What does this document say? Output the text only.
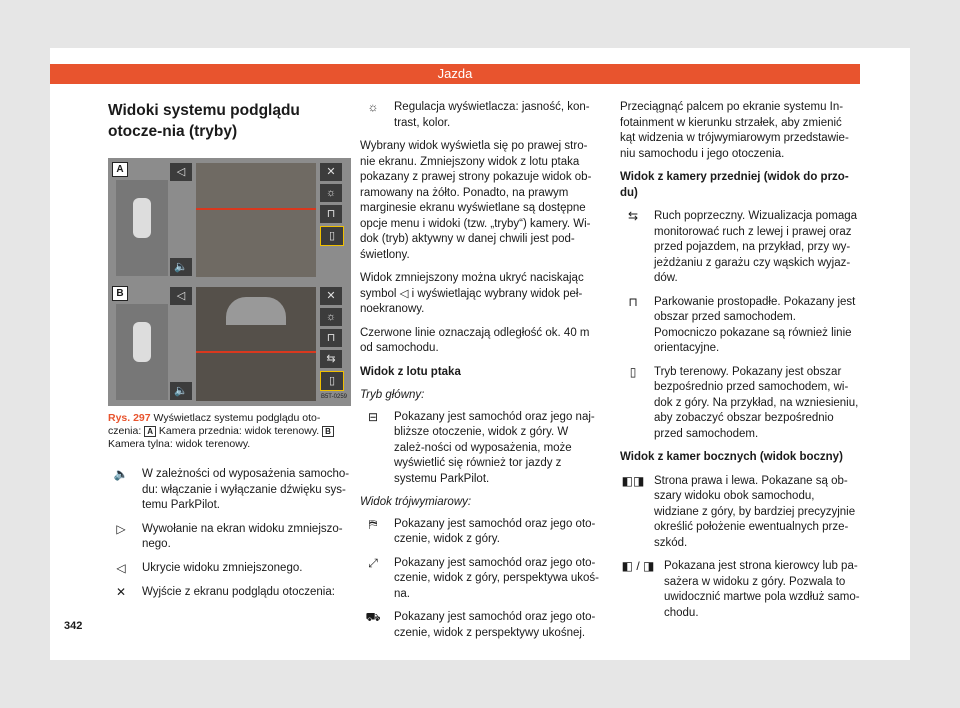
Jazda
Widoki systemu podglądu otocze-nia (tryby)
A	◁
🔈
✕
☼
⊓
▯
B	◁
🔈
✕
☼
⊓
⇆
▯
B5T-0259
Rys. 297 Wyświetlacz systemu podglądu oto-czenia: A Kamera przednia: widok terenowy. B Kamera tylna: widok terenowy.
🔈	W zależności od wyposażenia samocho-du: włączanie i wyłączanie dźwięku sys-temu ParkPilot.
▷	Wywołanie na ekran widoku zmniejszo-nego.
◁	Ukrycie widoku zmniejszonego.
✕	Wyjście z ekranu podglądu otoczenia:
☼	Regulacja wyświetlacza: jasność, kon-trast, kolor.

Wybrany widok wyświetla się po prawej stro-nie ekranu. Zmniejszony widok z lotu ptaka pokazany z prawej strony pokazuje widok ob-ramowany na żółto. Ponadto, na prawym marginesie ekranu wyświetlane są dostępne opcje menu i widoki (tzw. „tryby“) kamery. Wi-dok (tryb) aktywny w danej chwili jest pod-świetlony.

Widok zmniejszony można ukryć naciskając symbol ◁ i wyświetlając wybrany widok peł-noekranowy.

Czerwone linie oznaczają odległość ok. 40 m od samochodu.

Widok z lotu ptaka
Tryb główny:
⊟	Pokazany jest samochód oraz jego naj-bliższe otoczenie, widok z góry. W zależ-ności od wyposażenia, może wyświetlić się również tor jazdy z systemu ParkPilot.
Widok trójwymiarowy:
⛿	Pokazany jest samochód oraz jego oto-czenie, widok z góry.
⤢	Pokazany jest samochód oraz jego oto-czenie, widok z góry, perspektywa ukoś-na.
⛟	Pokazany jest samochód oraz jego oto-czenie, widok z perspektywy ukośnej.

Przeciągnąć palcem po ekranie systemu In-fotainment w kierunku strzałek, aby zmienić kąt widzenia w trójwymiarowym przedstawie-niu samochodu i jego otoczenia.

Widok z kamery przedniej (widok do przo-du)
⇆	Ruch poprzeczny. Wizualizacja pomaga monitorować ruch z lewej i prawej oraz przed pojazdem, na przykład, przy wy-jeżdżaniu z garażu czy wąskich wyjaz-dów.
⊓	Parkowanie prostopadłe. Pokazany jest obszar przed samochodem. Pomocniczo pokazane są również linie orientacyjne.
▯	Tryb terenowy. Pokazany jest obszar bezpośrednio przed samochodem, wi-dok z góry. Na przykład, na wzniesieniu, aby zobaczyć obszar bezpośrednio przed samochodem.
Widok z kamer bocznych (widok boczny)
◧◨ Strona prawa i lewa. Pokazane są ob-szary widoku obok samochodu, widziane z góry, by bardziej precyzyjnie określić położenie ewentualnych prze-szkód.
◧ / ◨ Pokazana jest strona kierowcy lub pa-sażera w widoku z góry. Pozwala to uwidocznić martwe pola wzdłuż samo-chodu.
342
